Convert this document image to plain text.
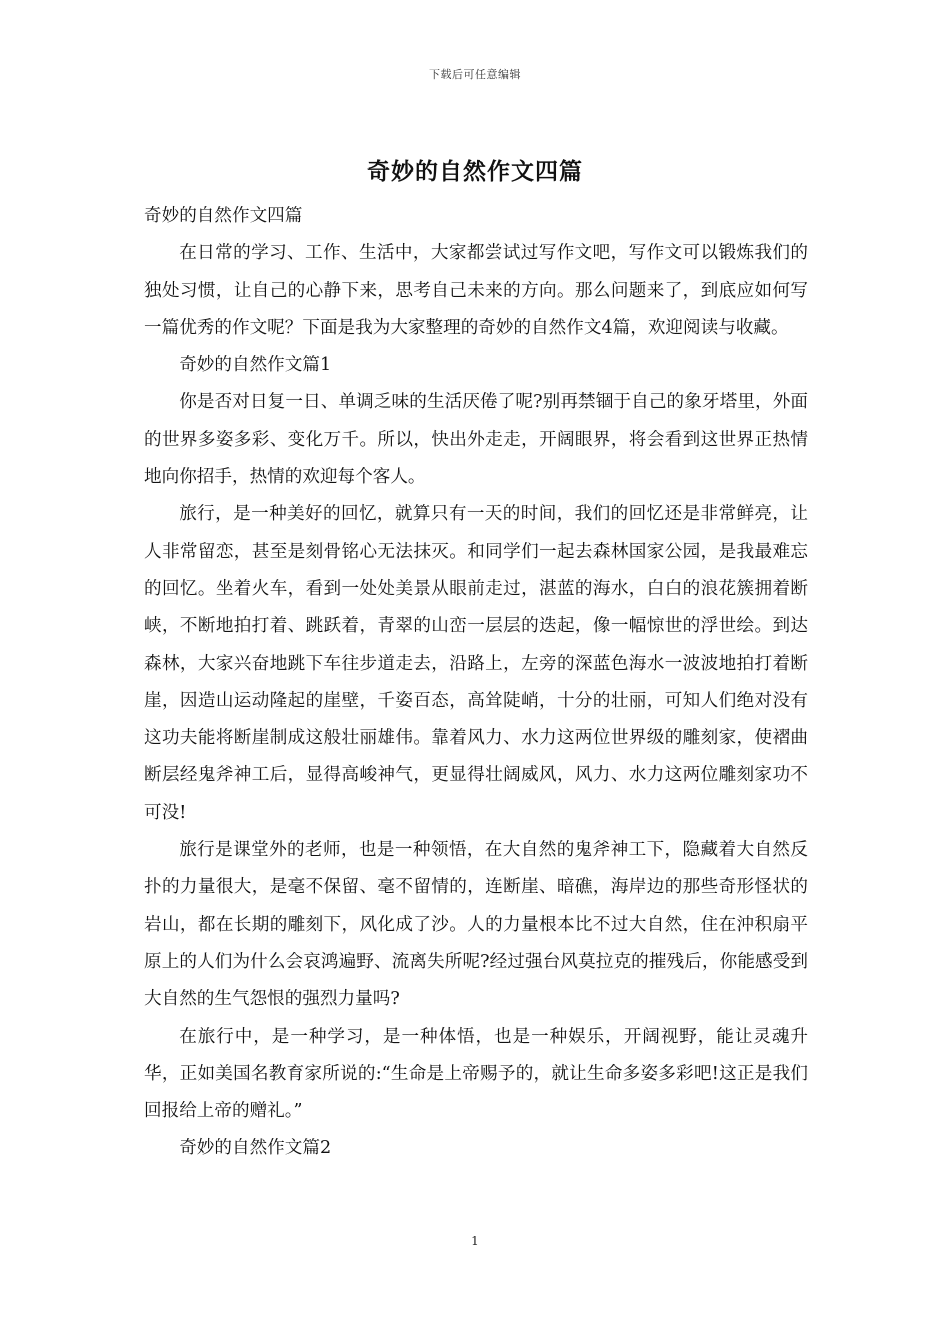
下载后可任意编辑
奇妙的自然作文四篇

奇妙的自然作文四篇

在日常的学习、工作、生活中，大家都尝试过写作文吧，写作文可以锻炼我们的独处习惯，让自己的心静下来，思考自己未来的方向。那么问题来了，到底应如何写一篇优秀的作文呢？下面是我为大家整理的奇妙的自然作文4篇，欢迎阅读与收藏。

奇妙的自然作文篇1

你是否对日复一日、单调乏味的生活厌倦了呢?别再禁锢于自己的象牙塔里，外面的世界多姿多彩、变化万千。所以，快出外走走，开阔眼界，将会看到这世界正热情地向你招手，热情的欢迎每个客人。

旅行，是一种美好的回忆，就算只有一天的时间，我们的回忆还是非常鲜亮，让人非常留恋，甚至是刻骨铭心无法抹灭。和同学们一起去森林国家公园，是我最难忘的回忆。坐着火车，看到一处处美景从眼前走过，湛蓝的海水，白白的浪花簇拥着断峡，不断地拍打着、跳跃着，青翠的山峦一层层的迭起，像一幅惊世的浮世绘。到达森林，大家兴奋地跳下车往步道走去，沿路上，左旁的深蓝色海水一波波地拍打着断崖，因造山运动隆起的崖壁，千姿百态，高耸陡峭，十分的壮丽，可知人们绝对没有这功夫能将断崖制成这般壮丽雄伟。靠着风力、水力这两位世界级的雕刻家，使褶曲断层经鬼斧神工后，显得高峻神气，更显得壮阔威风，风力、水力这两位雕刻家功不可没!

旅行是课堂外的老师，也是一种领悟，在大自然的鬼斧神工下，隐藏着大自然反扑的力量很大，是毫不保留、毫不留情的，连断崖、暗礁，海岸边的那些奇形怪状的岩山，都在长期的雕刻下，风化成了沙。人的力量根本比不过大自然，住在沖积扇平原上的人们为什么会哀鸿遍野、流离失所呢?经过强台风莫拉克的摧残后，你能感受到大自然的生气怨恨的强烈力量吗?

在旅行中，是一种学习，是一种体悟，也是一种娱乐，开阔视野，能让灵魂升华，正如美国名教育家所说的:“生命是上帝赐予的，就让生命多姿多彩吧!这正是我们回报给上帝的赠礼。”

奇妙的自然作文篇2

1
